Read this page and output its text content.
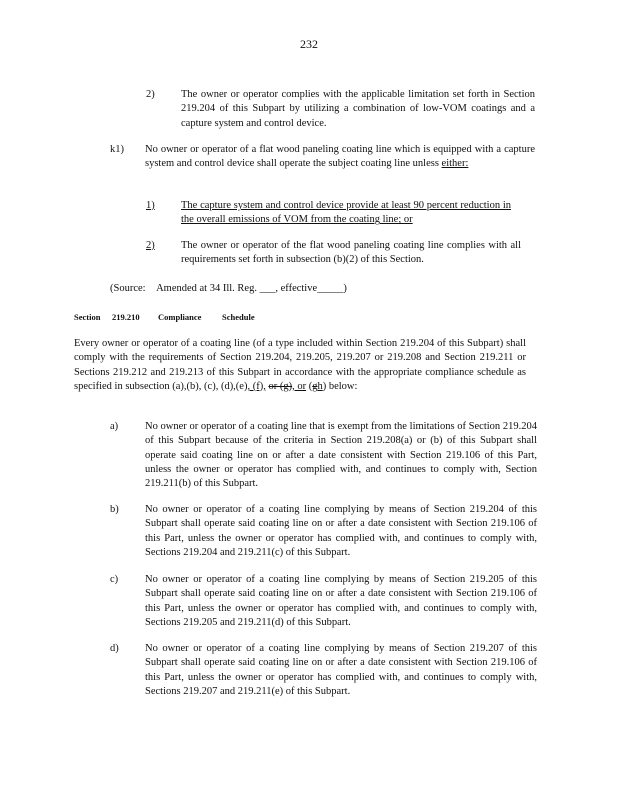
232
2)	The owner or operator complies with the applicable limitation set forth in Section 219.204 of this Subpart by utilizing a combination of low-VOM coatings and a capture system and control device.
k1) No owner or operator of a flat wood paneling coating line which is equipped with a capture system and control device shall operate the subject coating line unless either:
1)	The capture system and control device provide at least 90 percent reduction in the overall emissions of VOM from the coating line; or
2)	The owner or operator of the flat wood paneling coating line complies with all requirements set forth in subsection (b)(2) of this Section.
(Source: Amended at 34 Ill. Reg. ___, effective_____)
Section 219.210 Compliance Schedule
Every owner or operator of a coating line (of a type included within Section 219.204 of this Subpart) shall comply with the requirements of Section 219.204, 219.205, 219.207 or 219.208 and Section 219.211 or Sections 219.212 and 219.213 of this Subpart in accordance with the appropriate compliance schedule as specified in subsection (a),(b), (c), (d),(e), (f), or (g), or (gh) below:
a)	No owner or operator of a coating line that is exempt from the limitations of Section 219.204 of this Subpart because of the criteria in Section 219.208(a) or (b) of this Subpart shall operate said coating line on or after a date consistent with Section 219.106 of this Part, unless the owner or operator has complied with, and continues to comply with, Section 219.211(b) of this Subpart.
b)	No owner or operator of a coating line complying by means of Section 219.204 of this Subpart shall operate said coating line on or after a date consistent with Section 219.106 of this Part, unless the owner or operator has complied with, and continues to comply with, Sections 219.204 and 219.211(c) of this Subpart.
c)	No owner or operator of a coating line complying by means of Section 219.205 of this Subpart shall operate said coating line on or after a date consistent with Section 219.106 of this Part, unless the owner or operator has complied with, and continues to comply with, Sections 219.205 and 219.211(d) of this Subpart.
d)	No owner or operator of a coating line complying by means of Section 219.207 of this Subpart shall operate said coating line on or after a date consistent with Section 219.106 of this Part, unless the owner or operator has complied with, and continues to comply with, Sections 219.207 and 219.211(e) of this Subpart.
